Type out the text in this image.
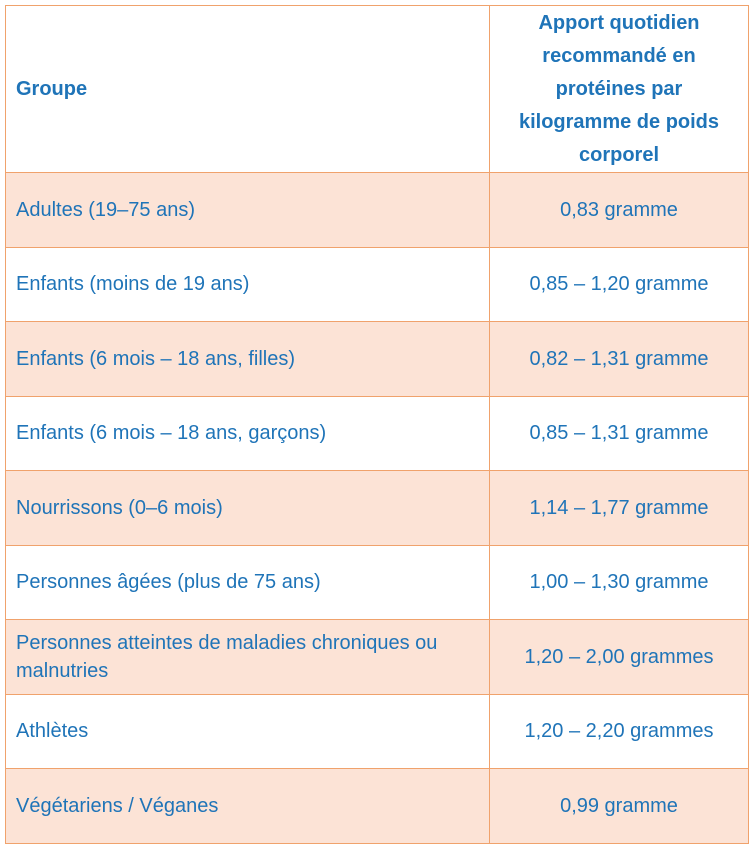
Groupe	Apport quotidien recommandé en protéines par kilogramme de poids corporel
Adultes (19–75 ans)	0,83 gramme
Enfants (moins de 19 ans)	0,85 – 1,20 gramme
Enfants (6 mois – 18 ans, filles)	0,82 – 1,31 gramme
Enfants (6 mois – 18 ans, garçons)	0,85 – 1,31 gramme
Nourrissons (0–6 mois)	1,14 – 1,77 gramme
Personnes âgées (plus de 75 ans)	1,00 – 1,30 gramme
Personnes atteintes de maladies chroniques ou malnutries	1,20 – 2,00 grammes
Athlètes	1,20 – 2,20 grammes
Végétariens / Véganes	0,99 gramme
